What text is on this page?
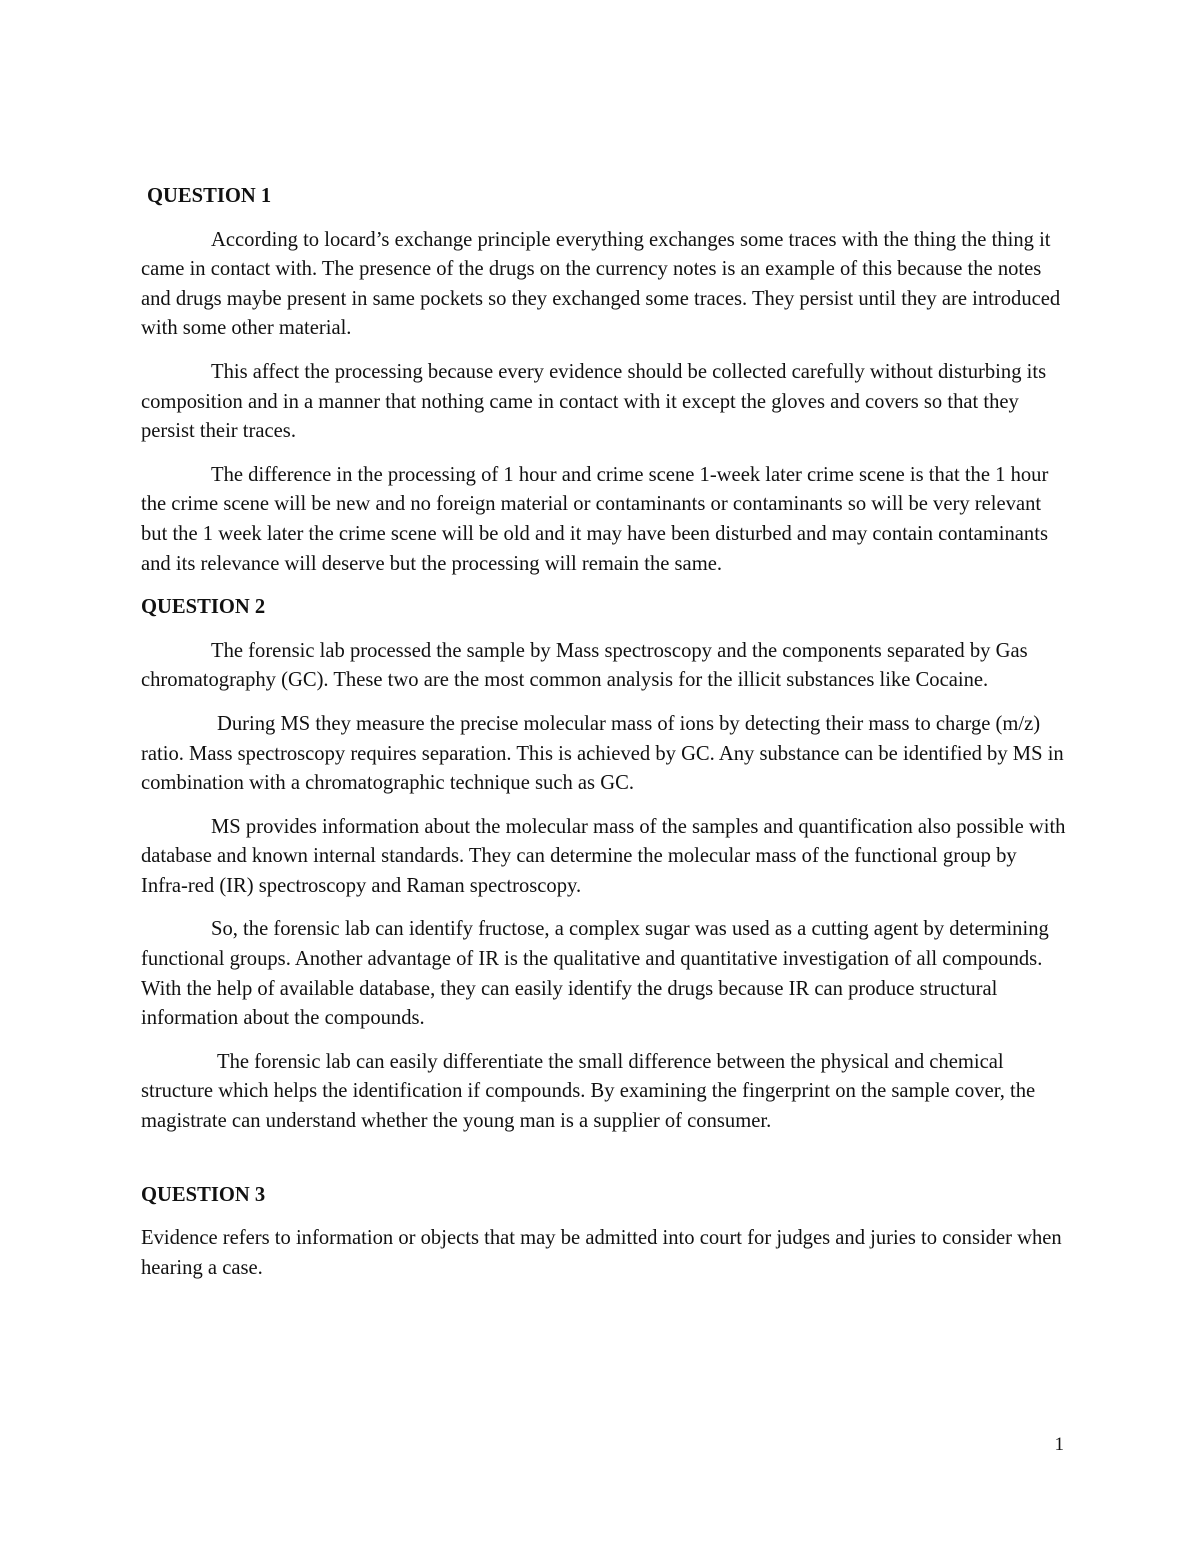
QUESTION 1

According to locard’s exchange principle everything exchanges some traces with the thing the thing it came in contact with. The presence of the drugs on the currency notes is an example of this because the notes and drugs maybe present in same pockets so they exchanged some traces. They persist until they are introduced with some other material.

This affect the processing because every evidence should be collected carefully without disturbing its composition and in a manner that nothing came in contact with it except the gloves and covers so that they persist their traces.

The difference in the processing of 1 hour and crime scene 1-week later crime scene is that the 1 hour the crime scene will be new and no foreign material or contaminants or contaminants so will be very relevant but the 1 week later the crime scene will be old and it may have been disturbed and may contain contaminants and its relevance will deserve but the processing will remain the same.

QUESTION 2

The forensic lab processed the sample by Mass spectroscopy and the components separated by Gas chromatography (GC). These two are the most common analysis for the illicit substances like Cocaine.

During MS they measure the precise molecular mass of ions by detecting their mass to charge (m/z) ratio. Mass spectroscopy requires separation. This is achieved by GC. Any substance can be identified by MS in combination with a chromatographic technique such as GC.

MS provides information about the molecular mass of the samples and quantification also possible with database and known internal standards. They can determine the molecular mass of the functional group by Infra-red (IR) spectroscopy and Raman spectroscopy.

So, the forensic lab can identify fructose, a complex sugar was used as a cutting agent by determining functional groups. Another advantage of IR is the qualitative and quantitative investigation of all compounds. With the help of available database, they can easily identify the drugs because IR can produce structural information about the compounds.

The forensic lab can easily differentiate the small difference between the physical and chemical structure which helps the identification if compounds. By examining the fingerprint on the sample cover, the magistrate can understand whether the young man is a supplier of consumer.

QUESTION 3

Evidence refers to information or objects that may be admitted into court for judges and juries to consider when hearing a case.

1
